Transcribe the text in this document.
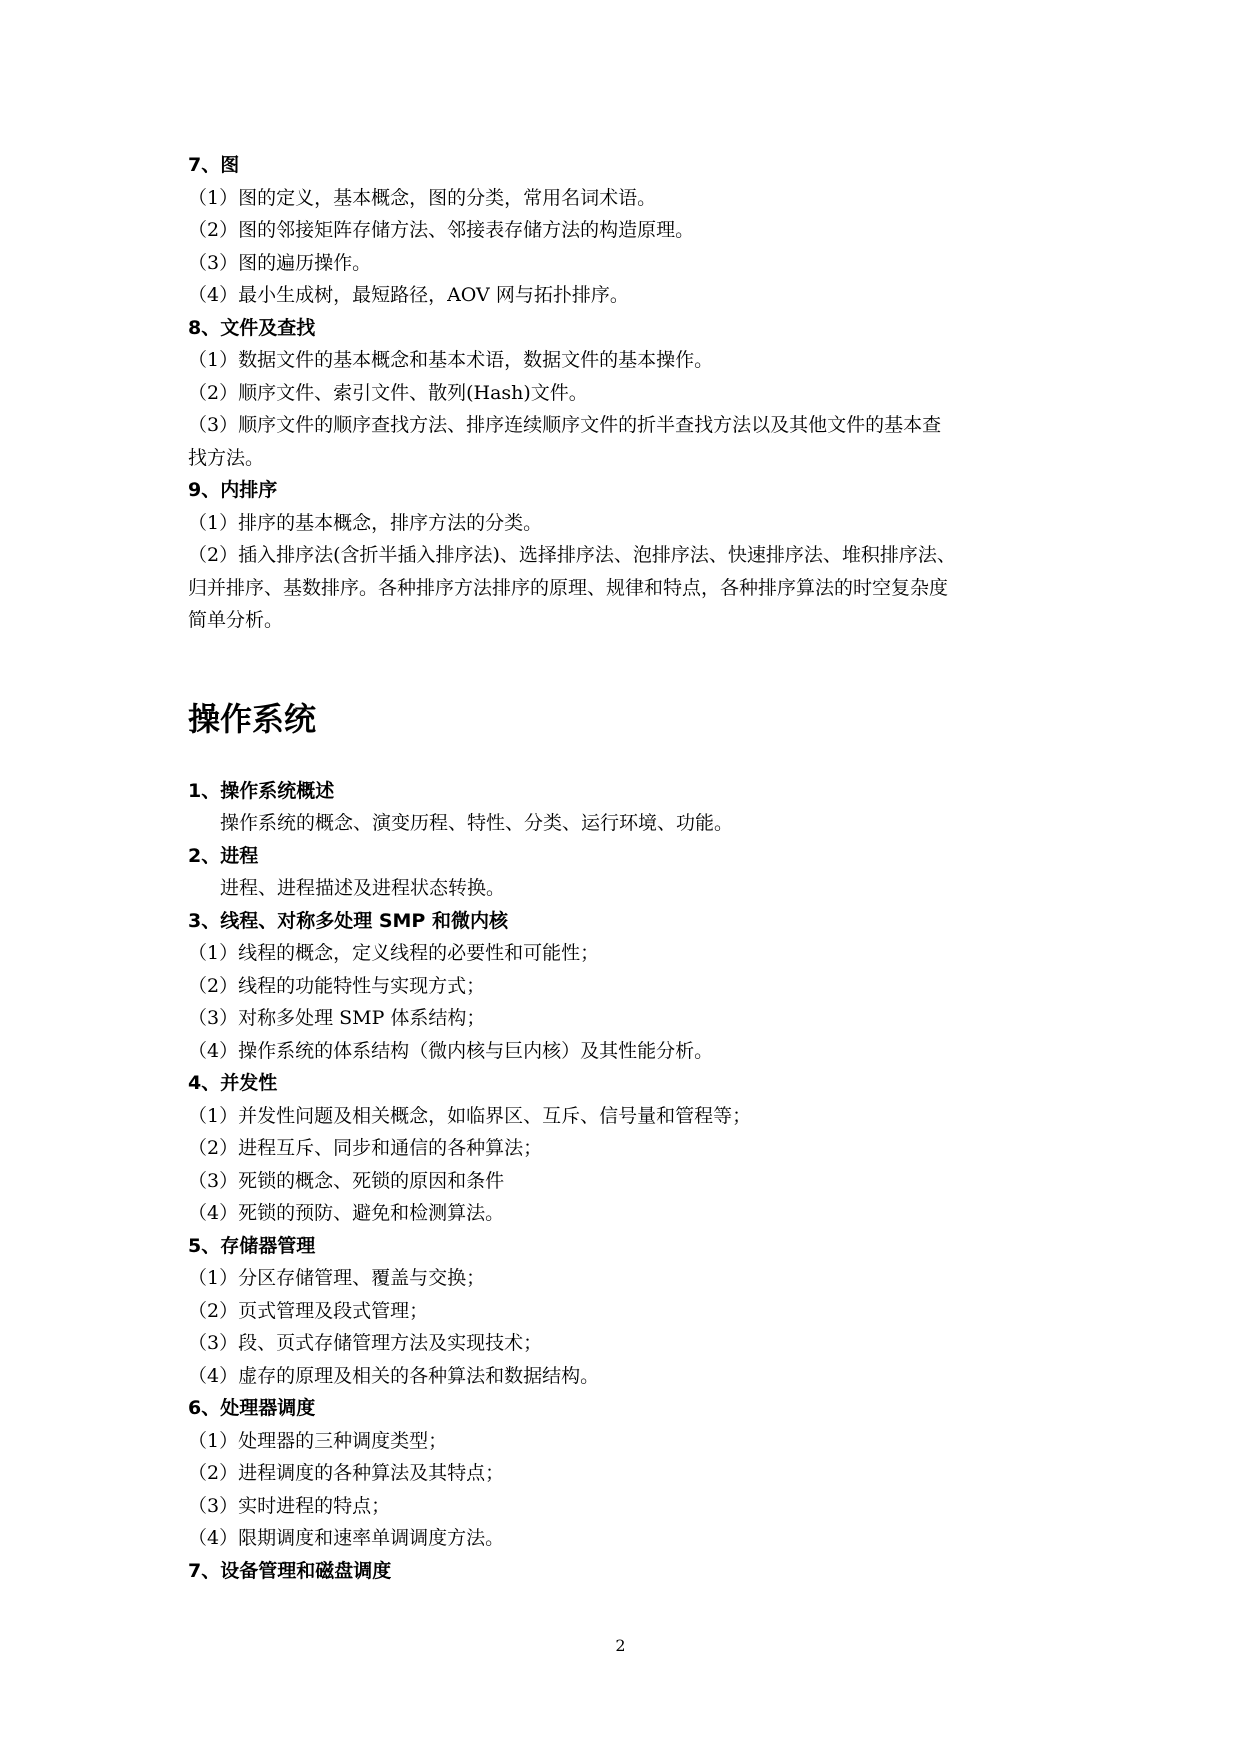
7、图
（1）图的定义，基本概念，图的分类，常用名词术语。
（2）图的邻接矩阵存储方法、邻接表存储方法的构造原理。
（3）图的遍历操作。
（4）最小生成树，最短路径，AOV 网与拓扑排序。
8、文件及查找
（1）数据文件的基本概念和基本术语，数据文件的基本操作。
（2）顺序文件、索引文件、散列(Hash)文件。
（3）顺序文件的顺序查找方法、排序连续顺序文件的折半查找方法以及其他文件的基本查
找方法。
9、内排序
（1）排序的基本概念，排序方法的分类。
（2）插入排序法(含折半插入排序法)、选择排序法、泡排序法、快速排序法、堆积排序法、
归并排序、基数排序。各种排序方法排序的原理、规律和特点，各种排序算法的时空复杂度
简单分析。
操作系统
1、操作系统概述
操作系统的概念、演变历程、特性、分类、运行环境、功能。
2、进程
进程、进程描述及进程状态转换。
3、线程、对称多处理 SMP 和微内核
（1）线程的概念，定义线程的必要性和可能性；
（2）线程的功能特性与实现方式；
（3）对称多处理 SMP 体系结构；
（4）操作系统的体系结构（微内核与巨内核）及其性能分析。
4、并发性
（1）并发性问题及相关概念，如临界区、互斥、信号量和管程等；
（2）进程互斥、同步和通信的各种算法；
（3）死锁的概念、死锁的原因和条件
（4）死锁的预防、避免和检测算法。
5、存储器管理
（1）分区存储管理、覆盖与交换；
（2）页式管理及段式管理；
（3）段、页式存储管理方法及实现技术；
（4）虚存的原理及相关的各种算法和数据结构。
6、处理器调度
（1）处理器的三种调度类型；
（2）进程调度的各种算法及其特点；
（3）实时进程的特点；
（4）限期调度和速率单调调度方法。
7、设备管理和磁盘调度
2
